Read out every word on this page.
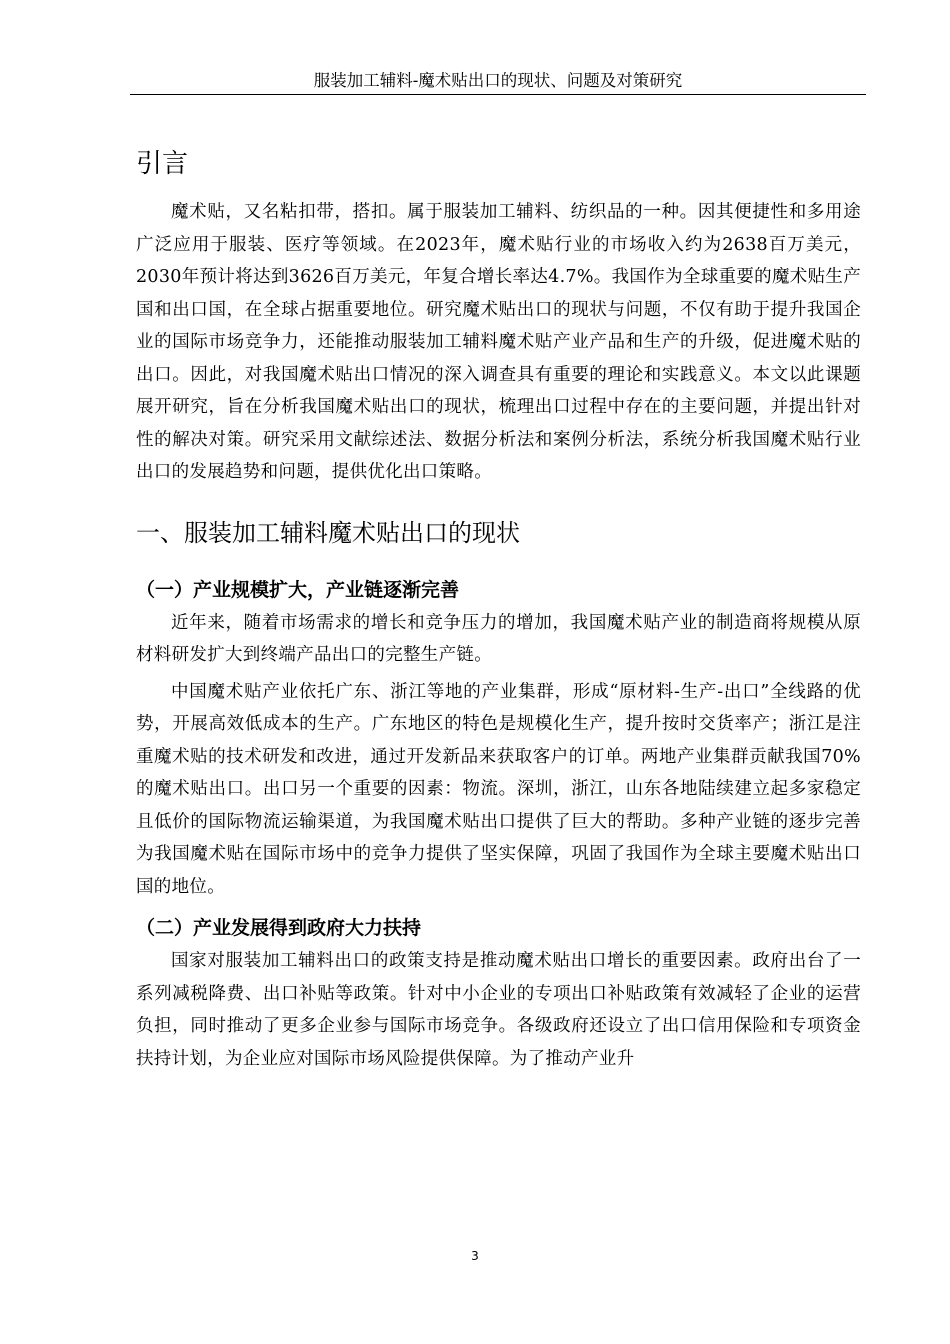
服装加工辅料-魔术贴出口的现状、问题及对策研究
引言

魔术贴，又名粘扣带，搭扣。属于服装加工辅料、纺织品的一种。因其便捷性和多用途广泛应用于服装、医疗等领域。在2023年，魔术贴行业的市场收入约为2638百万美元，2030年预计将达到3626百万美元，年复合增长率达4.7%。我国作为全球重要的魔术贴生产国和出口国，在全球占据重要地位。研究魔术贴出口的现状与问题，不仅有助于提升我国企业的国际市场竞争力，还能推动服装加工辅料魔术贴产业产品和生产的升级，促进魔术贴的出口。因此，对我国魔术贴出口情况的深入调查具有重要的理论和实践意义。本文以此课题展开研究，旨在分析我国魔术贴出口的现状，梳理出口过程中存在的主要问题，并提出针对性的解决对策。研究采用文献综述法、数据分析法和案例分析法，系统分析我国魔术贴行业出口的发展趋势和问题，提供优化出口策略。

一、服装加工辅料魔术贴出口的现状
（一）产业规模扩大，产业链逐渐完善

近年来，随着市场需求的增长和竞争压力的增加，我国魔术贴产业的制造商将规模从原材料研发扩大到终端产品出口的完整生产链。

中国魔术贴产业依托广东、浙江等地的产业集群，形成“原材料-生产-出口”全线路的优势，开展高效低成本的生产。广东地区的特色是规模化生产，提升按时交货率产；浙江是注重魔术贴的技术研发和改进，通过开发新品来获取客户的订单。两地产业集群贡献我国70%的魔术贴出口。出口另一个重要的因素：物流。深圳，浙江，山东各地陆续建立起多家稳定且低价的国际物流运输渠道，为我国魔术贴出口提供了巨大的帮助。多种产业链的逐步完善为我国魔术贴在国际市场中的竞争力提供了坚实保障，巩固了我国作为全球主要魔术贴出口国的地位。

（二）产业发展得到政府大力扶持

国家对服装加工辅料出口的政策支持是推动魔术贴出口增长的重要因素。政府出台了一系列减税降费、出口补贴等政策。针对中小企业的专项出口补贴政策有效减轻了企业的运营负担，同时推动了更多企业参与国际市场竞争。各级政府还设立了出口信用保险和专项资金扶持计划，为企业应对国际市场风险提供保障。为了推动产业升

3
